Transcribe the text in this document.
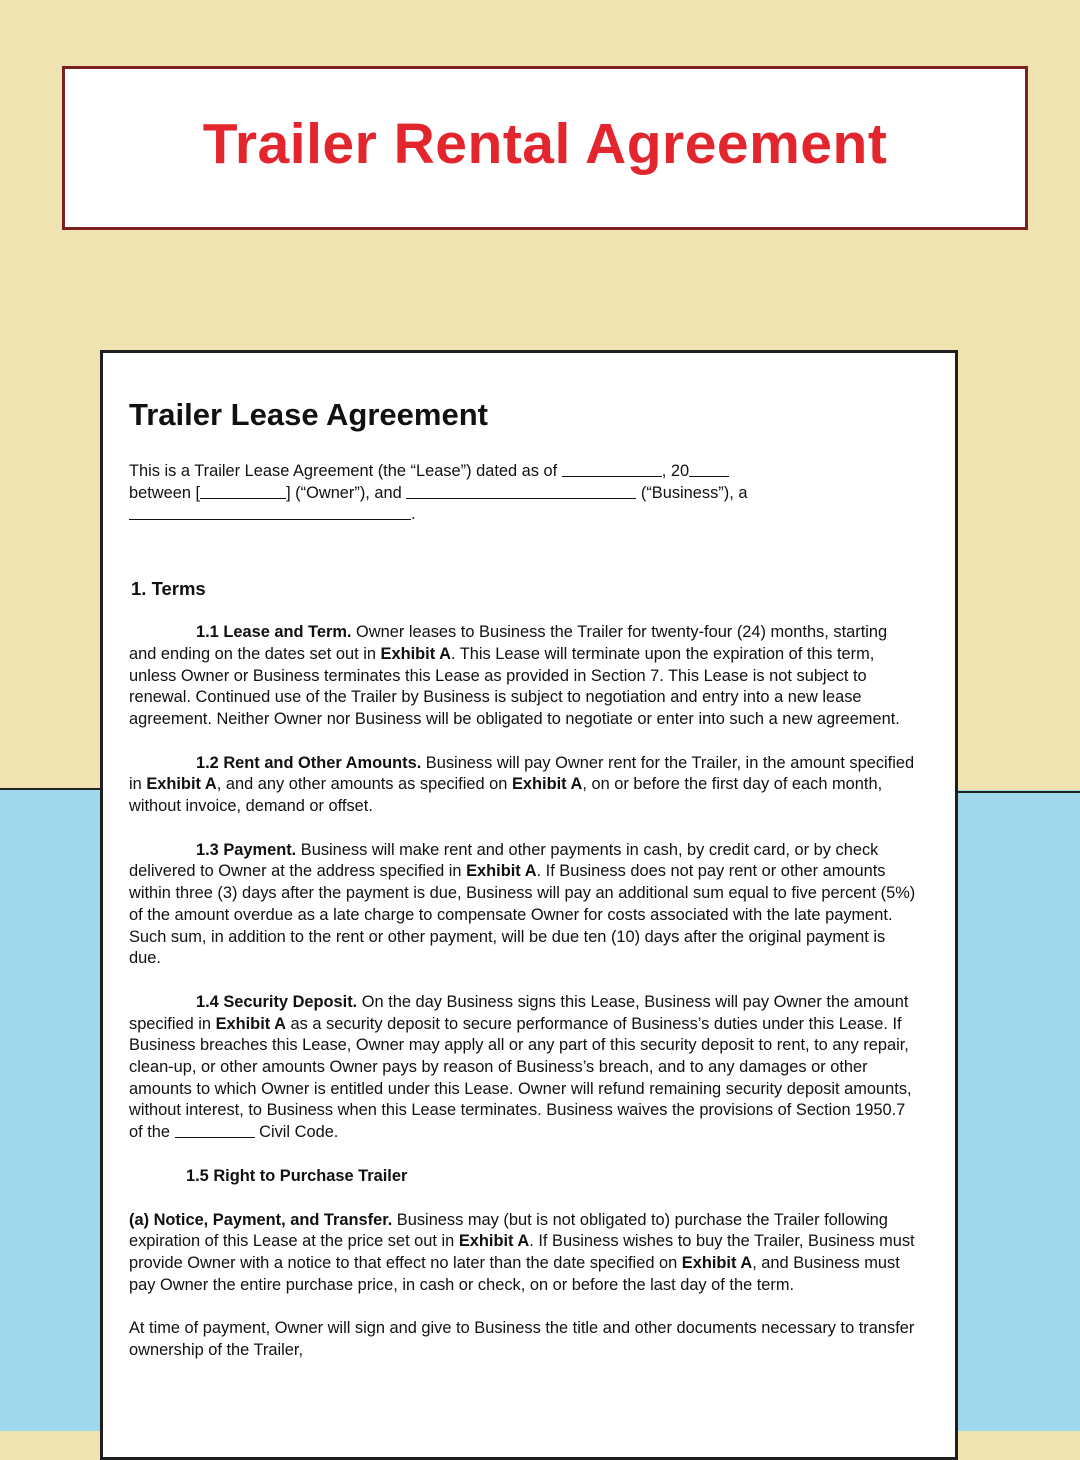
Trailer Rental Agreement
Trailer Lease Agreement
This is a Trailer Lease Agreement (the “Lease”) dated as of	, 20
between [	] (“Owner”), and	(“Business”), a
.
1. Terms

1.1 Lease and Term. Owner leases to Business the Trailer for twenty-four (24) months, starting and ending on the dates set out in Exhibit A. This Lease will terminate upon the expiration of this term, unless Owner or Business terminates this Lease as provided in Section 7. This Lease is not subject to renewal. Continued use of the Trailer by Business is subject to negotiation and entry into a new lease agreement. Neither Owner nor Business will be obligated to negotiate or enter into such a new agreement.

1.2 Rent and Other Amounts. Business will pay Owner rent for the Trailer, in the amount specified in Exhibit A, and any other amounts as specified on Exhibit A, on or before the first day of each month, without invoice, demand or offset.

1.3 Payment. Business will make rent and other payments in cash, by credit card, or by check delivered to Owner at the address specified in Exhibit A. If Business does not pay rent or other amounts within three (3) days after the payment is due, Business will pay an additional sum equal to five percent (5%) of the amount overdue as a late charge to compensate Owner for costs associated with the late payment. Such sum, in addition to the rent or other payment, will be due ten (10) days after the original payment is due.

1.4 Security Deposit. On the day Business signs this Lease, Business will pay Owner the amount specified in Exhibit A as a security deposit to secure performance of Business’s duties under this Lease. If Business breaches this Lease, Owner may apply all or any part of this security deposit to rent, to any repair, clean-up, or other amounts Owner pays by reason of Business’s breach, and to any damages or other amounts to which Owner is entitled under this Lease. Owner will refund remaining security deposit amounts, without interest, to Business when this Lease terminates. Business waives the provisions of Section 1950.7 of the	Civil Code.

1.5 Right to Purchase Trailer

(a) Notice, Payment, and Transfer. Business may (but is not obligated to) purchase the Trailer following expiration of this Lease at the price set out in Exhibit A. If Business wishes to buy the Trailer, Business must provide Owner with a notice to that effect no later than the date specified on Exhibit A, and Business must pay Owner the entire purchase price, in cash or check, on or before the last day of the term.

At time of payment, Owner will sign and give to Business the title and other documents necessary to transfer ownership of the Trailer,
